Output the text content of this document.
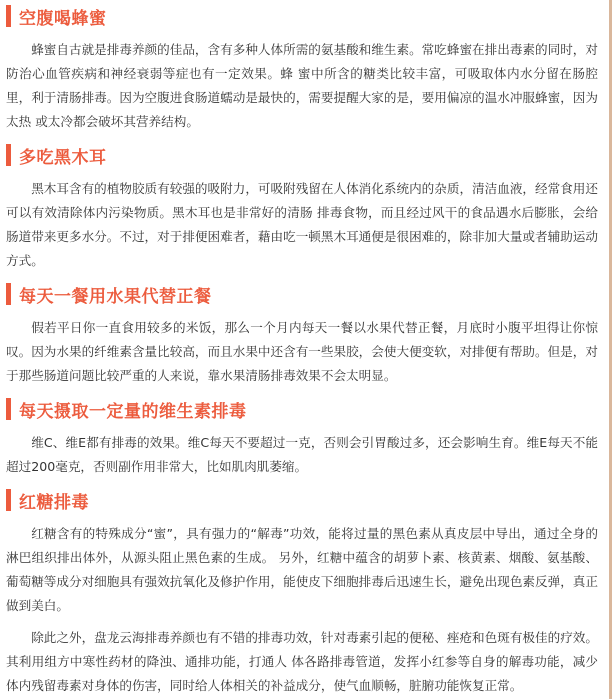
空腹喝蜂蜜

蜂蜜自古就是排毒养颜的佳品，含有多种人体所需的氨基酸和维生素。常吃蜂蜜在排出毒素的同时，对防治心血管疾病和神经衰弱等症也有一定效果。蜂 蜜中所含的糖类比较丰富，可吸取体内水分留在肠腔里，利于清肠排毒。因为空腹进食肠道蠕动是最快的，需要提醒大家的是，要用偏凉的温水冲服蜂蜜，因为太热 或太冷都会破坏其营养结构。

多吃黑木耳

黑木耳含有的植物胶质有较强的吸附力，可吸附残留在人体消化系统内的杂质，清洁血液，经常食用还可以有效清除体内污染物质。黑木耳也是非常好的清肠 排毒食物，而且经过风干的食品遇水后膨胀，会给肠道带来更多水分。不过，对于排便困难者，藉由吃一顿黑木耳通便是很困难的，除非加大量或者辅助运动方式。

每天一餐用水果代替正餐

假若平日你一直食用较多的米饭，那么一个月内每天一餐以水果代替正餐，月底时小腹平坦得让你惊叹。因为水果的纤维素含量比较高，而且水果中还含有一些果胶，会使大便变软，对排便有帮助。但是，对于那些肠道问题比较严重的人来说，靠水果清肠排毒效果不会太明显。

每天摄取一定量的维生素排毒

维C、维E都有排毒的效果。维C每天不要超过一克，否则会引胃酸过多，还会影响生育。维E每天不能超过200毫克，否则副作用非常大，比如肌肉肌萎缩。

红糖排毒

红糖含有的特殊成分“蜜”，具有强力的“解毒”功效，能将过量的黑色素从真皮层中导出，通过全身的淋巴组织排出体外，从源头阻止黑色素的生成。 另外，红糖中蕴含的胡萝卜素、核黄素、烟酸、氨基酸、葡萄糖等成分对细胞具有强效抗氧化及修护作用，能使皮下细胞排毒后迅速生长，避免出现色素反弹，真正 做到美白。

除此之外，盘龙云海排毒养颜也有不错的排毒功效，针对毒素引起的便秘、痤疮和色斑有极佳的疗效。其利用组方中寒性药材的降浊、通排功能，打通人 体各路排毒管道，发挥小红参等自身的解毒功能，减少体内残留毒素对身体的伤害，同时给人体相关的补益成分，使气血顺畅，脏腑功能恢复正常。
